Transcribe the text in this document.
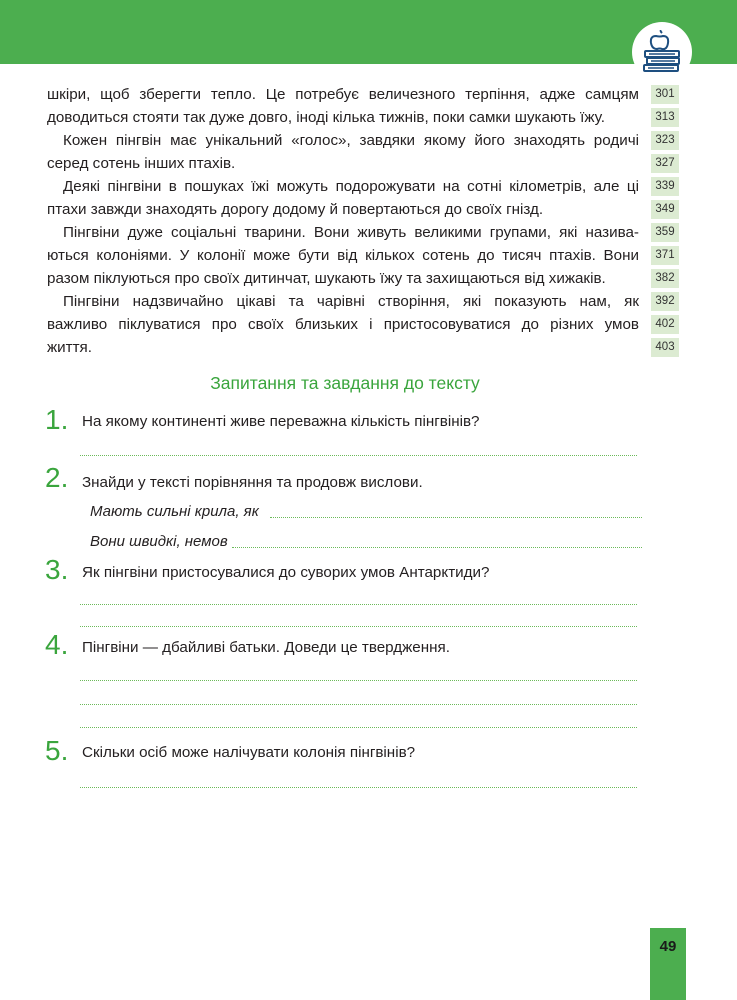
шкіри, щоб зберегти тепло. Це потребує величезного терпіння, адже самцям
доводиться стояти так дуже довго, іноді кілька тижнів, поки самки шукають їжу.
Кожен пінгвін має унікальний «голос», завдяки якому його знаходять родичі
серед сотень інших птахів.
Деякі пінгвіни в пошуках їжі можуть подорожувати на сотні кілометрів, але ці
птахи завжди знаходять дорогу додому й повертаються до своїх гнізд.
Пінгвіни дуже соціальні тварини. Вони живуть великими групами, які назива-
ються колоніями. У колонії може бути від кількох сотень до тисяч птахів. Вони
разом піклуються про своїх дитинчат, шукають їжу та захищаються від хижаків.
Пінгвіни надзвичайно цікаві та чарівні створіння, які показують нам, як
важливо піклуватися про своїх близьких і пристосовуватися до різних умов
життя.
301
313
323
327
339
349
359
371
382
392
402
403
Запитання та завдання до тексту
1. На якому континенті живе переважна кількість пінгвінів?
2. Знайди у тексті порівняння та продовж вислови.
Мають сильні крила, як
Вони швидкі, немов
3. Як пінгвіни пристосувалися до суворих умов Антарктиди?
4. Пінгвіни — дбайливі батьки. Доведи це твердження.
5. Скільки осіб може налічувати колонія пінгвінів?
49
